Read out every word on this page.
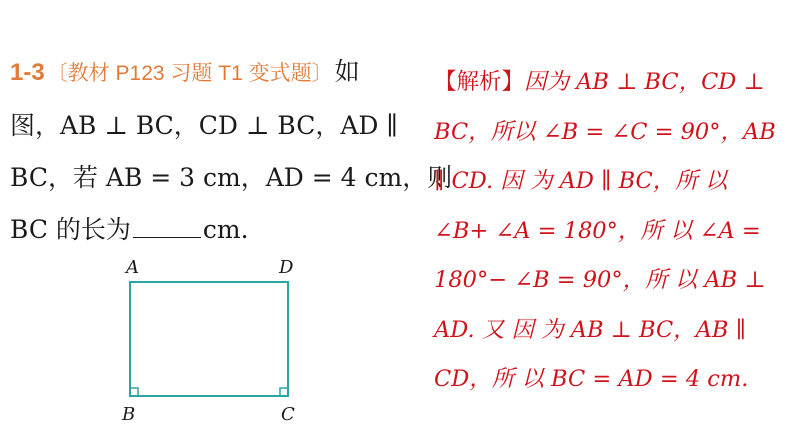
1-3〔教材 P123 习题 T1 变式题〕如
图，AB ⊥ BC，CD ⊥ BC，AD ∥
BC，若 AB = 3 cm，AD = 4 cm，则
BC 的长为	cm.
A	D
B	C
【解析】因为 AB ⊥ BC，CD ⊥
BC，所以 ∠B = ∠C = 90°，AB
∥ CD. 因 为 AD ∥ BC，所 以
∠B+ ∠A = 180°，所 以 ∠A =
180°− ∠B = 90°，所 以 AB ⊥
AD. 又 因 为 AB ⊥ BC，AB ∥
CD，所 以 BC = AD = 4 cm.
